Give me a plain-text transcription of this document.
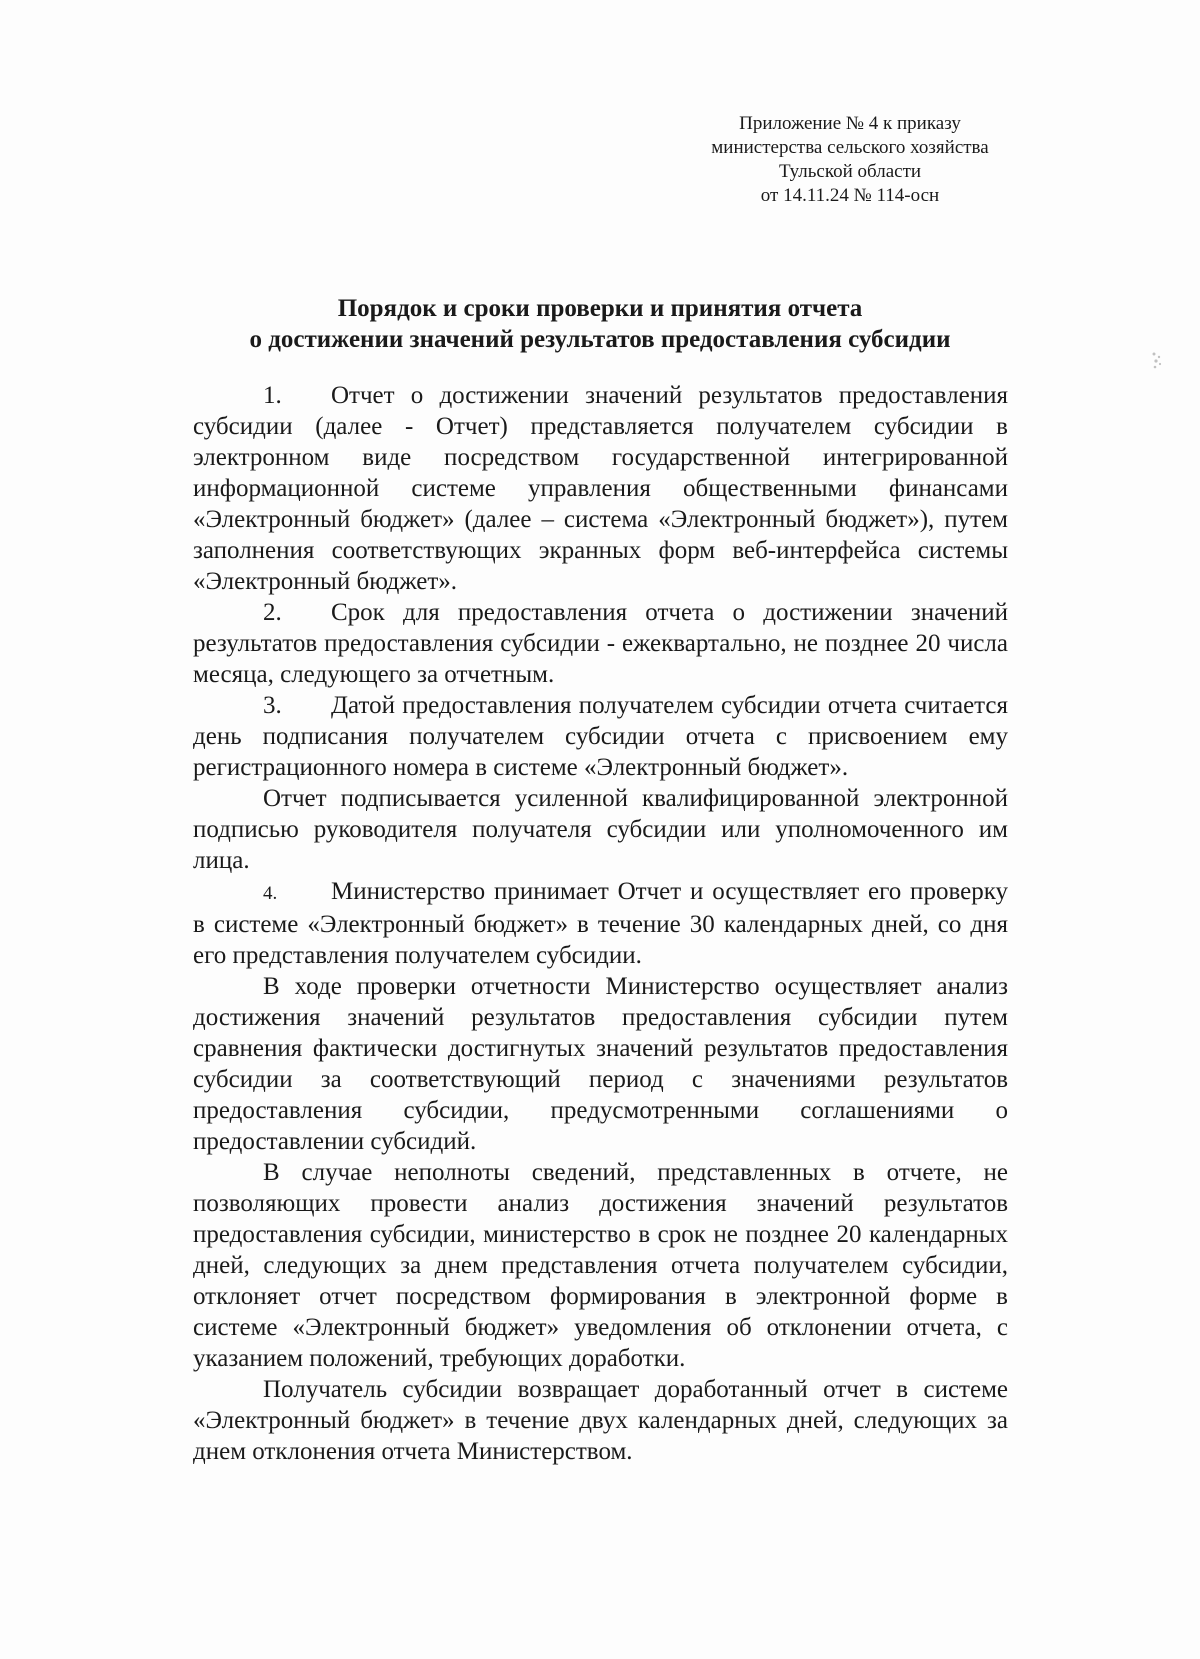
Приложение № 4 к приказу
министерства сельского хозяйства
Тульской области
от 14.11.24 № 114-осн
Порядок и сроки проверки и принятия отчета
о достижении значений результатов предоставления субсидии

1. Отчет о достижении значений результатов предоставления субсидии (далее - Отчет) представляется получателем субсидии в электронном виде посредством государственной интегрированной информационной системе управления общественными финансами «Электронный бюджет» (далее – система «Электронный бюджет»), путем заполнения соответствующих экранных форм веб-интерфейса системы «Электронный бюджет».

2. Срок для предоставления отчета о достижении значений результатов предоставления субсидии - ежеквартально, не позднее 20 числа месяца, следующего за отчетным.

3. Датой предоставления получателем субсидии отчета считается день подписания получателем субсидии отчета с присвоением ему регистрационного номера в системе «Электронный бюджет».

Отчет подписывается усиленной квалифицированной электронной подписью руководителя получателя субсидии или уполномоченного им лица.

4. Министерство принимает Отчет и осуществляет его проверку в системе «Электронный бюджет» в течение 30 календарных дней, со дня его представления получателем субсидии.

В ходе проверки отчетности Министерство осуществляет анализ достижения значений результатов предоставления субсидии путем сравнения фактически достигнутых значений результатов предоставления субсидии за соответствующий период с значениями результатов предоставления субсидии, предусмотренными соглашениями о предоставлении субсидий.

В случае неполноты сведений, представленных в отчете, не позволяющих провести анализ достижения значений результатов предоставления субсидии, министерство в срок не позднее 20 календарных дней, следующих за днем представления отчета получателем субсидии, отклоняет отчет посредством формирования в электронной форме в системе «Электронный бюджет» уведомления об отклонении отчета, с указанием положений, требующих доработки.

Получатель субсидии возвращает доработанный отчет в системе «Электронный бюджет» в течение двух календарных дней, следующих за днем отклонения отчета Министерством.
